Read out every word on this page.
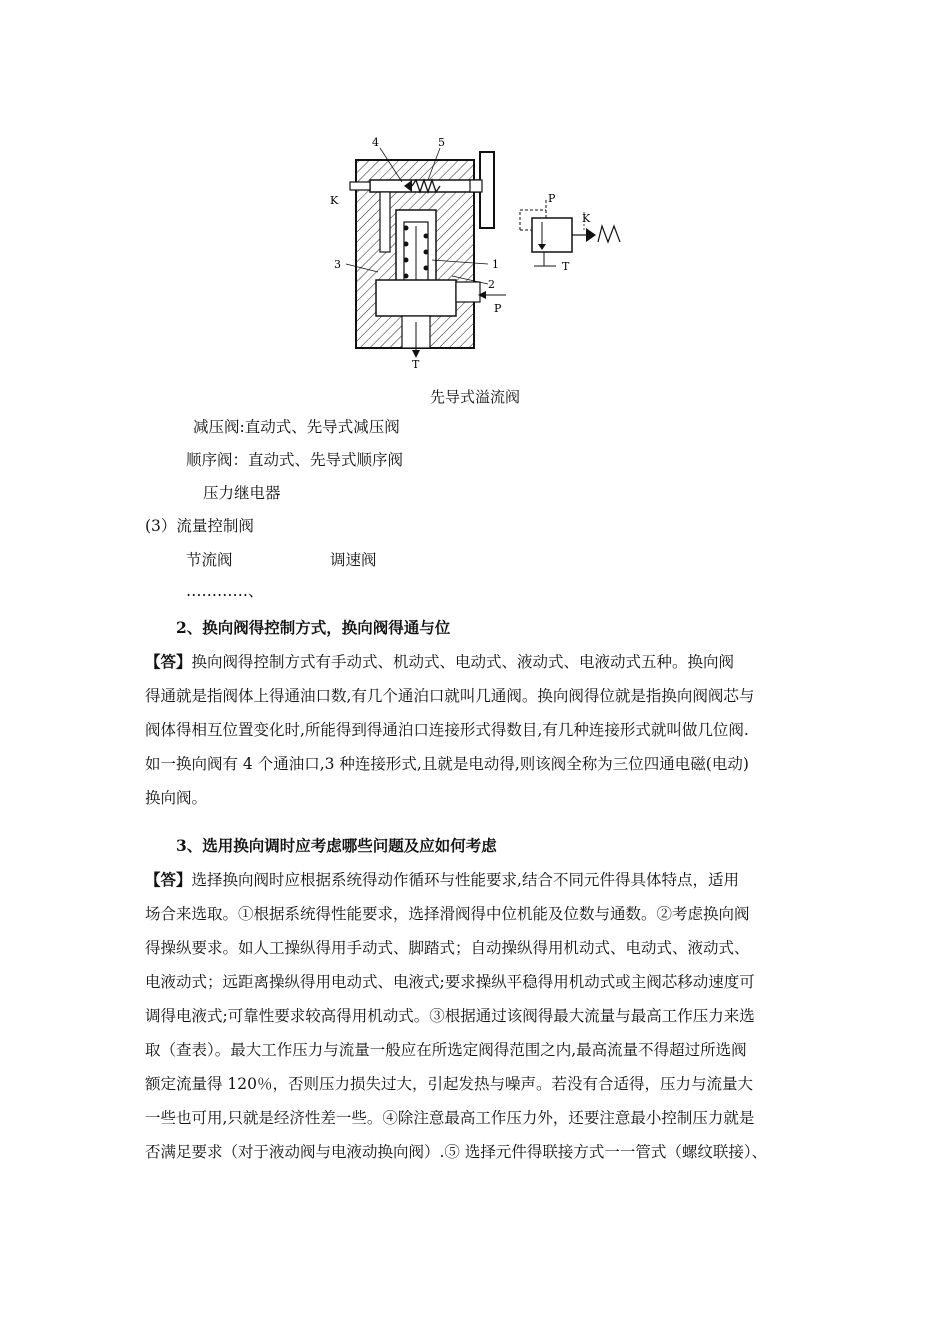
4	5
K
3	1
2
P
T
P
K
T
先导式溢流阀
减压阀:直动式、先导式减压阀
顺序阀：直动式、先导式顺序阀
压力继电器
(3）流量控制阀
节流阀	调速阀
…………、
2、换向阀得控制方式，换向阀得通与位
【答】换向阀得控制方式有手动式、机动式、电动式、液动式、电液动式五种。换向阀
得通就是指阀体上得通油口数,有几个通泊口就叫几通阀。换向阀得位就是指换向阀阀芯与
阀体得相互位置变化时,所能得到得通泊口连接形式得数目,有几种连接形式就叫做几位阀.
如一换向阀有 4 个通油口,3 种连接形式,且就是电动得,则该阀全称为三位四通电磁(电动)
换向阀。
3、选用换向调时应考虑哪些问题及应如何考虑
【答】选择换向阀时应根据系统得动作循环与性能要求,结合不同元件得具体特点，适用
场合来选取。①根据系统得性能要求，选择滑阀得中位机能及位数与通数。②考虑换向阀
得操纵要求。如人工操纵得用手动式、脚踏式；自动操纵得用机动式、电动式、液动式、
电液动式；远距离操纵得用电动式、电液式;要求操纵平稳得用机动式或主阀芯移动速度可
调得电液式;可靠性要求较高得用机动式。③根据通过该阀得最大流量与最高工作压力来选
取（查表）。最大工作压力与流量一般应在所选定阀得范围之内,最高流量不得超过所选阀
额定流量得 120％，否则压力损失过大，引起发热与噪声。若没有合适得，压力与流量大
一些也可用,只就是经济性差一些。④除注意最高工作压力外，还要注意最小控制压力就是
否满足要求（对于液动阀与电液动换向阀）.⑤ 选择元件得联接方式一一管式（螺纹联接）、
